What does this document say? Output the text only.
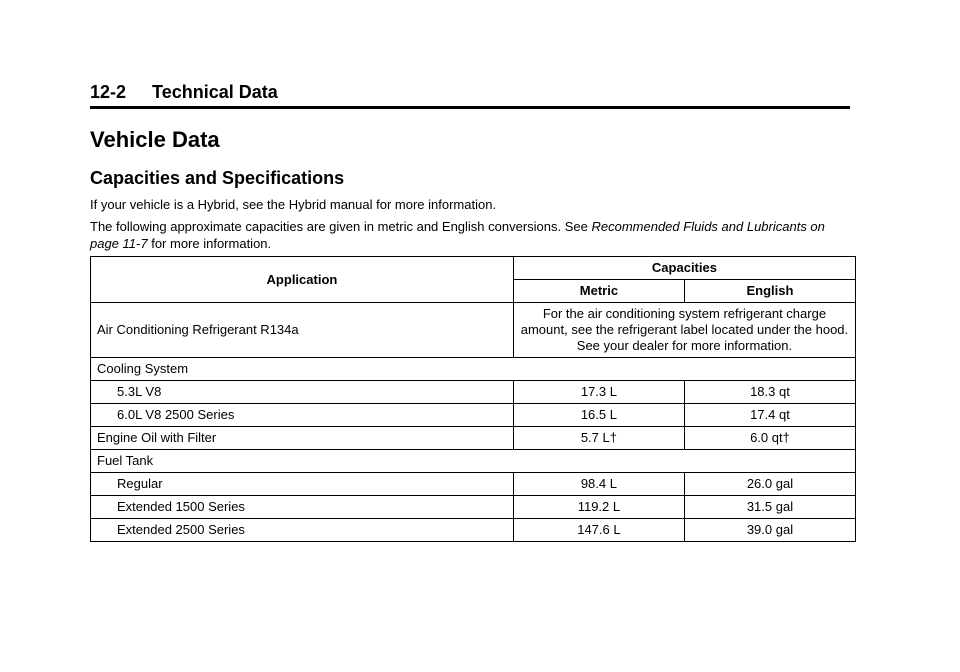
12-2 Technical Data
Vehicle Data
Capacities and Specifications

If your vehicle is a Hybrid, see the Hybrid manual for more information.

The following approximate capacities are given in metric and English conversions. See Recommended Fluids and Lubricants on page 11-7 for more information.

Application	Capacities	
	Metric	English
Air Conditioning Refrigerant R134a	For the air conditioning system refrigerant charge amount, see the refrigerant label located under the hood. See your dealer for more information.	
Cooling System		
5.3L V8	17.3 L	18.3 qt
6.0L V8 2500 Series	16.5 L	17.4 qt
Engine Oil with Filter	5.7 L†	6.0 qt†
Fuel Tank		
Regular	98.4 L	26.0 gal
Extended 1500 Series	119.2 L	31.5 gal
Extended 2500 Series	147.6 L	39.0 gal
